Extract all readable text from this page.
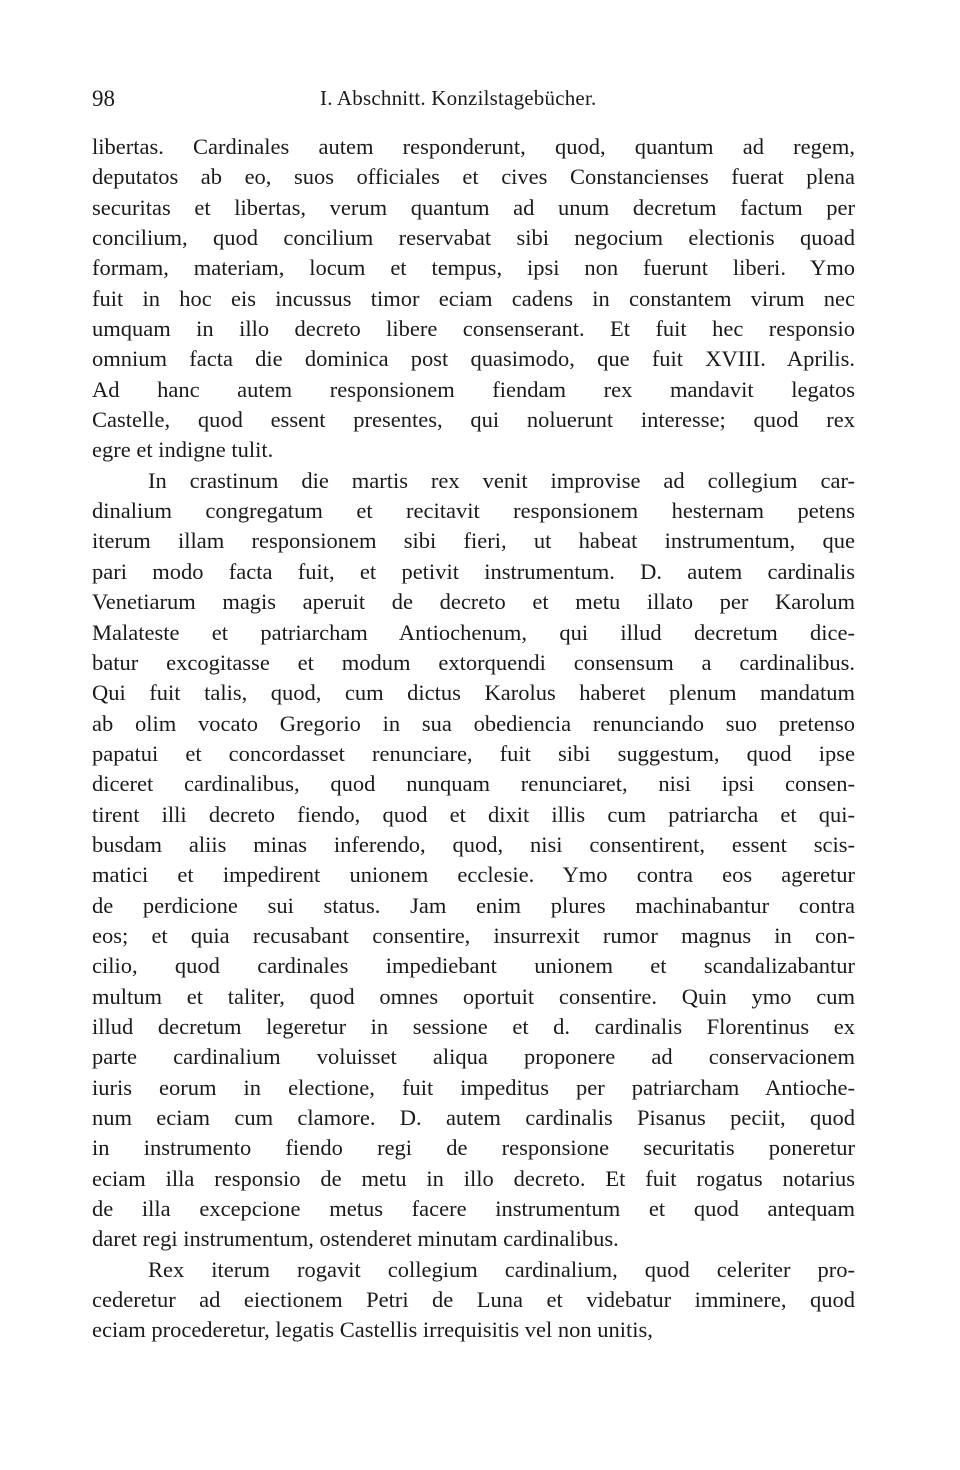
98	I. Abschnitt. Konzilstagebücher.
libertas. Cardinales autem responderunt, quod, quantum ad regem,
deputatos ab eo, suos officiales et cives Constancienses fuerat plena
securitas et libertas, verum quantum ad unum decretum factum per
concilium, quod concilium reservabat sibi negocium electionis quoad
formam, materiam, locum et tempus, ipsi non fuerunt liberi. Ymo
fuit in hoc eis incussus timor eciam cadens in constantem virum nec
umquam in illo decreto libere consenserant. Et fuit hec responsio
omnium facta die dominica post quasimodo, que fuit XVIII. Aprilis.
Ad hanc autem responsionem fiendam rex mandavit legatos
Castelle, quod essent presentes, qui noluerunt interesse; quod rex
egre et indigne tulit.
In crastinum die martis rex venit improvise ad collegium car-
dinalium congregatum et recitavit responsionem hesternam petens
iterum illam responsionem sibi fieri, ut habeat instrumentum, que
pari modo facta fuit, et petivit instrumentum. D. autem cardinalis
Venetiarum magis aperuit de decreto et metu illato per Karolum
Malateste et patriarcham Antiochenum, qui illud decretum dice-
batur excogitasse et modum extorquendi consensum a cardinalibus.
Qui fuit talis, quod, cum dictus Karolus haberet plenum mandatum
ab olim vocato Gregorio in sua obediencia renunciando suo pretenso
papatui et concordasset renunciare, fuit sibi suggestum, quod ipse
diceret cardinalibus, quod nunquam renunciaret, nisi ipsi consen-
tirent illi decreto fiendo, quod et dixit illis cum patriarcha et qui-
busdam aliis minas inferendo, quod, nisi consentirent, essent scis-
matici et impedirent unionem ecclesie. Ymo contra eos ageretur
de perdicione sui status. Jam enim plures machinabantur contra
eos; et quia recusabant consentire, insurrexit rumor magnus in con-
cilio, quod cardinales impediebant unionem et scandalizabantur
multum et taliter, quod omnes oportuit consentire. Quin ymo cum
illud decretum legeretur in sessione et d. cardinalis Florentinus ex
parte cardinalium voluisset aliqua proponere ad conservacionem
iuris eorum in electione, fuit impeditus per patriarcham Antioche-
num eciam cum clamore. D. autem cardinalis Pisanus peciit, quod
in instrumento fiendo regi de responsione securitatis poneretur
eciam illa responsio de metu in illo decreto. Et fuit rogatus notarius
de illa excepcione metus facere instrumentum et quod antequam
daret regi instrumentum, ostenderet minutam cardinalibus.
Rex iterum rogavit collegium cardinalium, quod celeriter pro-
cederetur ad eiectionem Petri de Luna et videbatur imminere, quod
eciam procederetur, legatis Castellis irrequisitis vel non unitis,
